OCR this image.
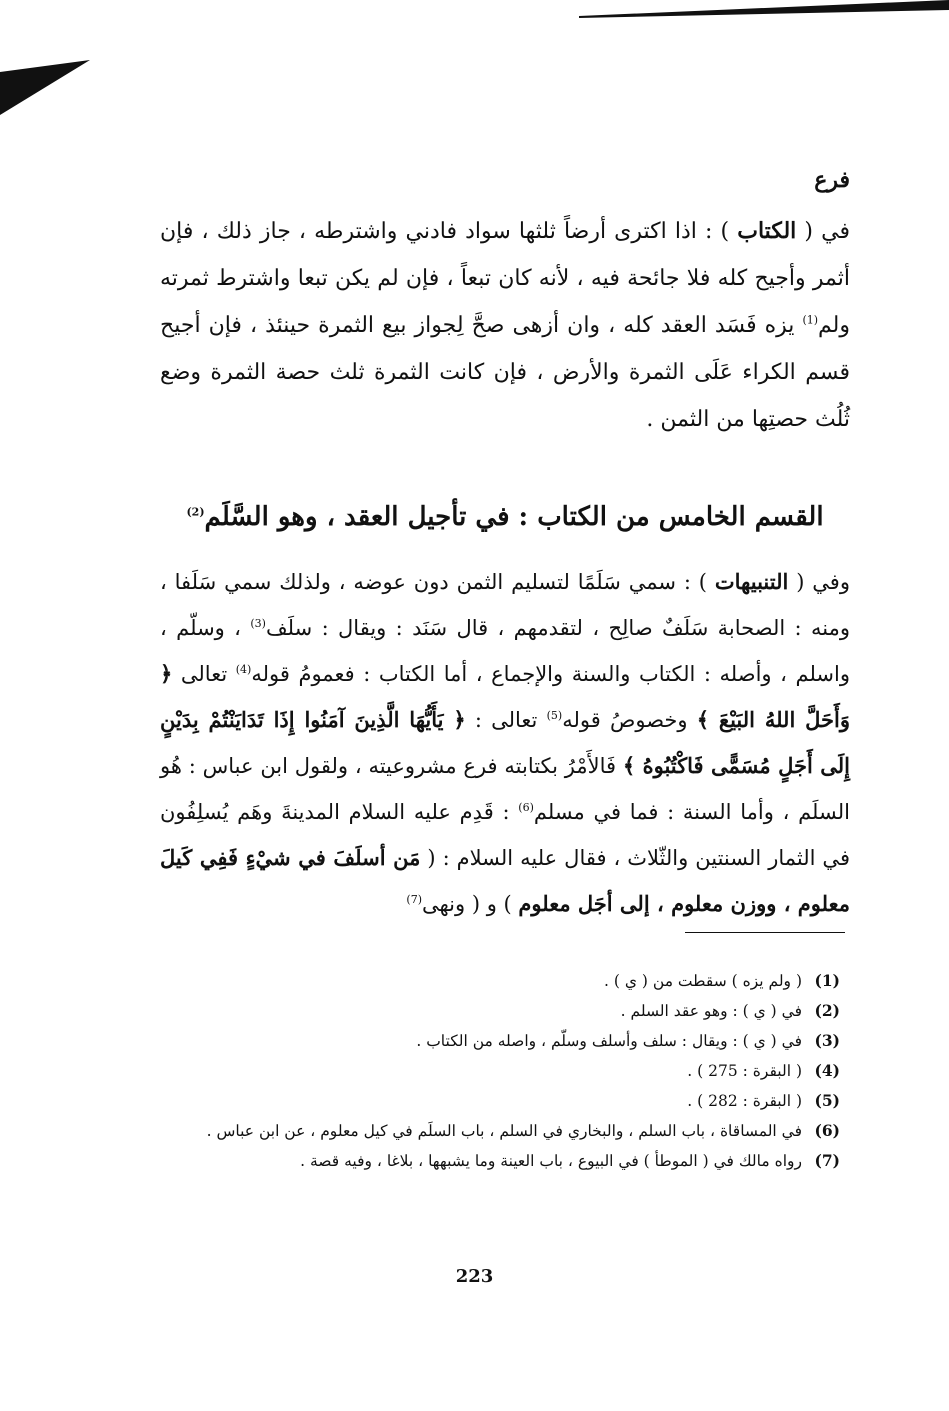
فرع

في ( الكتاب ) : اذا اكترى أرضاً ثلثها سواد فادني واشترطه ، جاز ذلك ، فإن أثمر وأجيح كله فلا جائحة فيه ، لأنه كان تبعاً ، فإن لم يكن تبعا واشترط ثمرته ولم$^{(1)}$ يزه فَسَد العقد كله ، وان أزهى صحَّ لِجواز بيع الثمرة حينئذ ، فإن أجيح قسم الكراء عَلَى الثمرة والأرض ، فإن كانت الثمرة ثلث حصة الثمرة وضع ثُلُث حصتِها من الثمن .

القسم الخامس من الكتاب : في تأجيل العقد ، وهو السَّلَم$^{(2)}$

وفي ( التنبيهات ) : سمي سَلَمًا لتسليم الثمن دون عوضه ، ولذلك سمي سَلَفا ، ومنه : الصحابة سَلَفٌ صالِح ، لتقدمهم ، قال سَنَد : ويقال : سلَف$^{(3)}$ ، وسلّم ، واسلم ، وأصله : الكتاب والسنة والإجماع ، أما الكتاب : فعمومُ قوله$^{(4)}$ تعالى ﴿ وَأَحَلَّ اللهُ البَيْعَ ﴾ وخصوصُ قوله$^{(5)}$ تعالى : ﴿ يَأَيُّهَا الَّذِينَ آمَنُوا إِذَا تَدَايَنْتُمْ بِدَيْنٍ إِلَى أَجَلٍ مُسَمًّى فَاكْتُبُوهُ ﴾ فَالأَمْرُ بكتابته فرع مشروعيته ، ولقول ابن عباس : هُو السلَم ، وأما السنة : فما في مسلم$^{(6)}$ : قَدِم عليه السلام المدينةَ وهَم يُسلِفُون في الثمار السنتين والثّلاث ، فقال عليه السلام : ( مَن أسلَفَ في شيْءٍ فَفِي كَيلَ معلوم ، ووزن معلوم ، إلى أجَل معلوم ) و ( ونهى$^{(7)}$

(1)
( ولم يزه ) سقطت من ( ي ) .
(2)
في ( ي ) : وهو عقد السلم .
(3)
في ( ي ) : ويقال : سلف وأسلف وسلّم ، واصله من الكتاب .
(4)
( البقرة : 275 ) .
(5)
( البقرة : 282 ) .
(6)
في المساقاة ، باب السلم ، والبخاري في السلم ، باب السلَم في كيل معلوم ، عن ابن عباس .
(7)
رواه مالك في ( الموطأ ) في البيوع ، باب العينة وما يشبهها ، بلاغا ، وفيه قصة .
223
